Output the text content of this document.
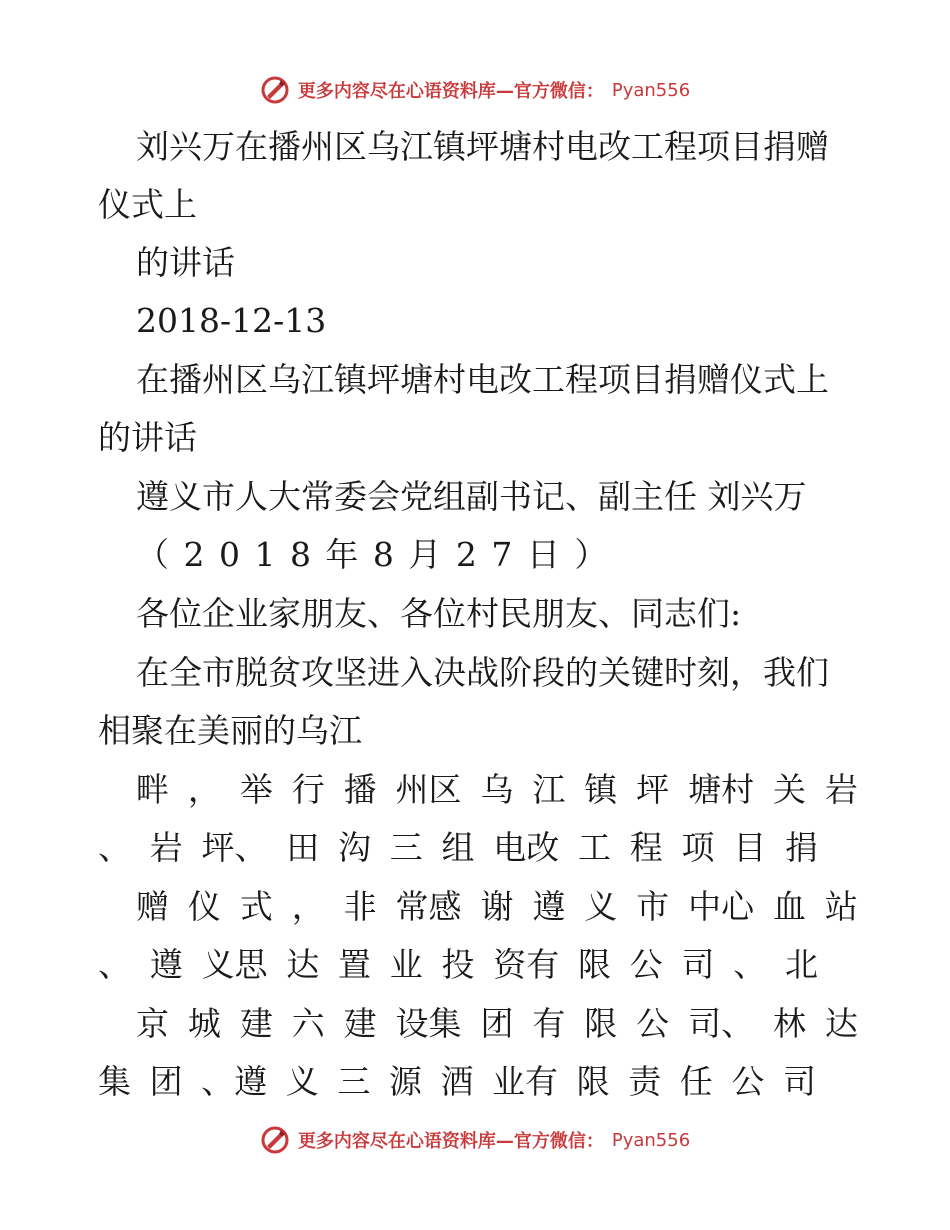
更多内容尽在心语资料库—官方微信： Pyan556
刘兴万在播州区乌江镇坪塘村电改工程项目捐赠
仪式上
的讲话
2018-12-13
在播州区乌江镇坪塘村电改工程项目捐赠仪式上
的讲话
遵义市人大常委会党组副书记、副主任 刘兴万
（ 2 0 1 8 年 8 月 2 7 日 ）
各位企业家朋友、各位村民朋友、同志们:
在全市脱贫攻坚进入决战阶段的关键时刻，我们
相聚在美丽的乌江
畔 ， 举 行 播 州区 乌 江 镇 坪 塘村 关 岩
、 岩 坪、 田 沟 三 组 电改 工 程 项 目 捐
赠 仪 式 ， 非 常感 谢 遵 义 市 中心 血 站
、 遵 义思 达 置 业 投 资有 限 公 司 、 北
京 城 建 六 建 设集 团 有 限 公 司、 林 达
集 团 、遵 义 三 源 酒 业有 限 责 任 公 司
更多内容尽在心语资料库—官方微信： Pyan556
